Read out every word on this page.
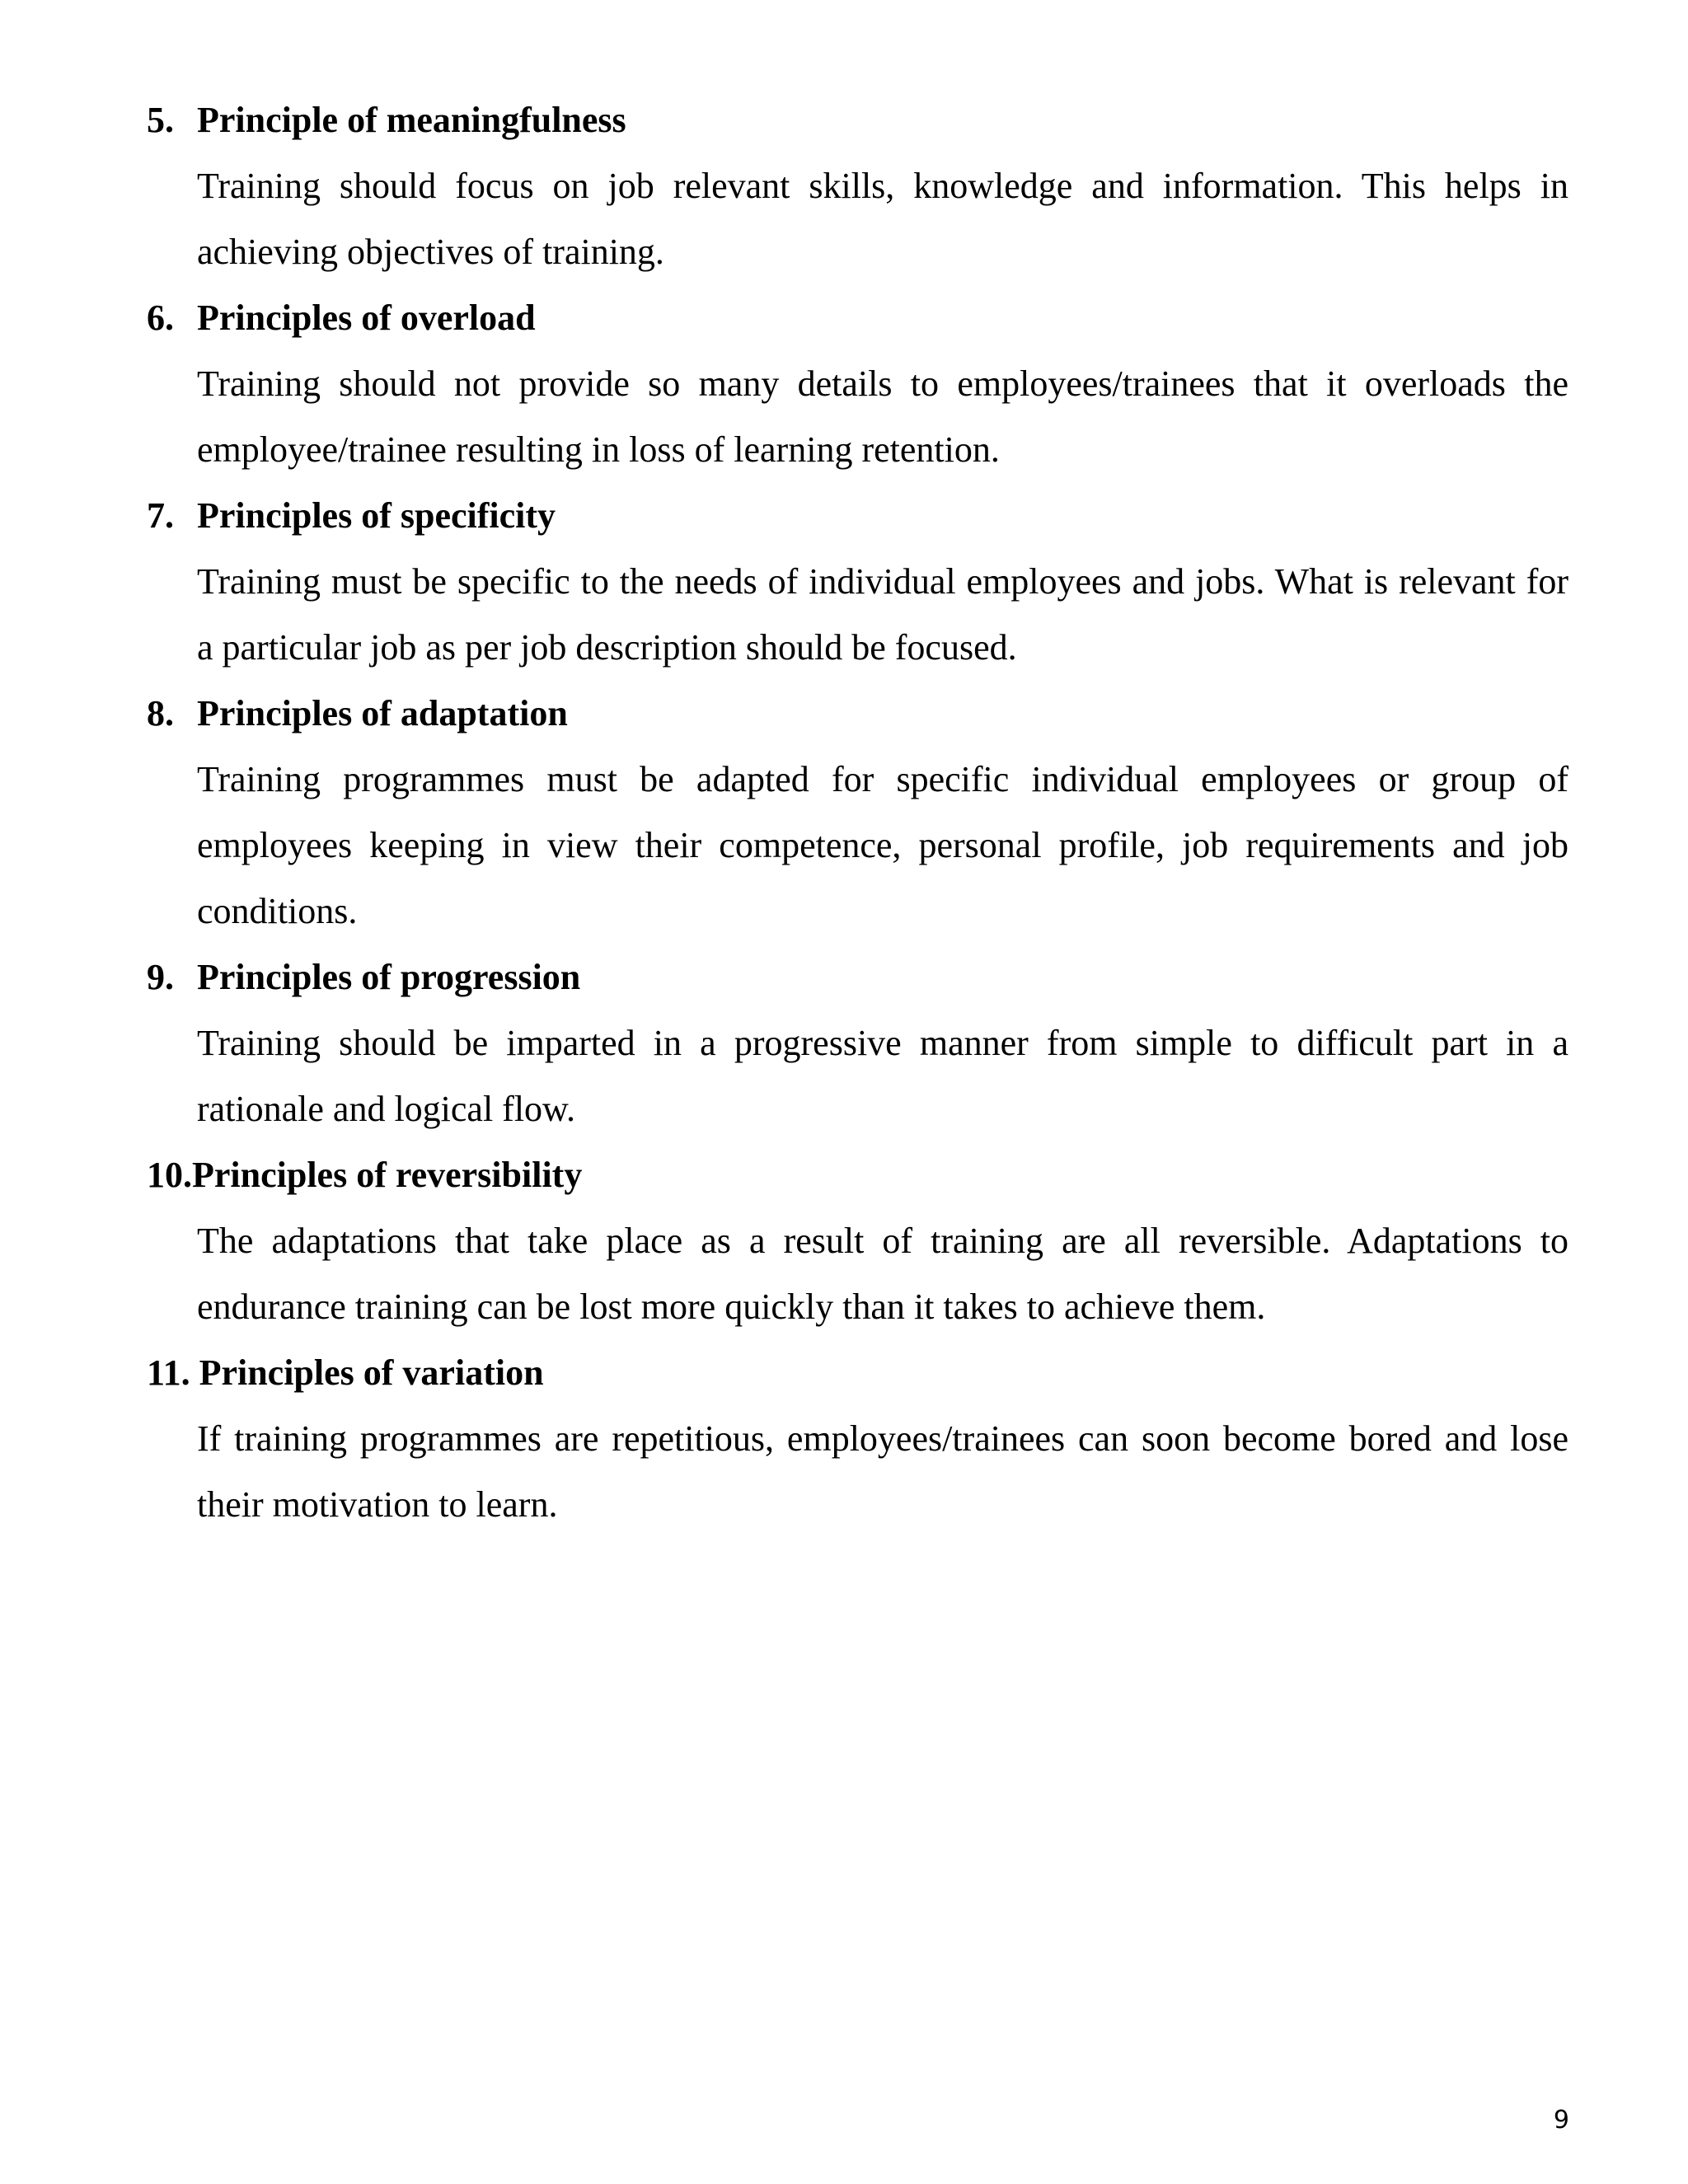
5. Principle of meaningfulness
Training should focus on job relevant skills, knowledge and information. This helps in achieving objectives of training.
6. Principles of overload
Training should not provide so many details to employees/trainees that it overloads the employee/trainee resulting in loss of learning retention.
7. Principles of specificity
Training must be specific to the needs of individual employees and jobs. What is relevant for a particular job as per job description should be focused.
8. Principles of adaptation
Training programmes must be adapted for specific individual employees or group of employees keeping in view their competence, personal profile, job requirements and job conditions.
9. Principles of progression
Training should be imparted in a progressive manner from simple to difficult part in a rationale and logical flow.
10.Principles of reversibility
The adaptations that take place as a result of training are all reversible. Adaptations to endurance training can be lost more quickly than it takes to achieve them.
11. Principles of variation
If training programmes are repetitious, employees/trainees can soon become bored and lose their motivation to learn.
9
